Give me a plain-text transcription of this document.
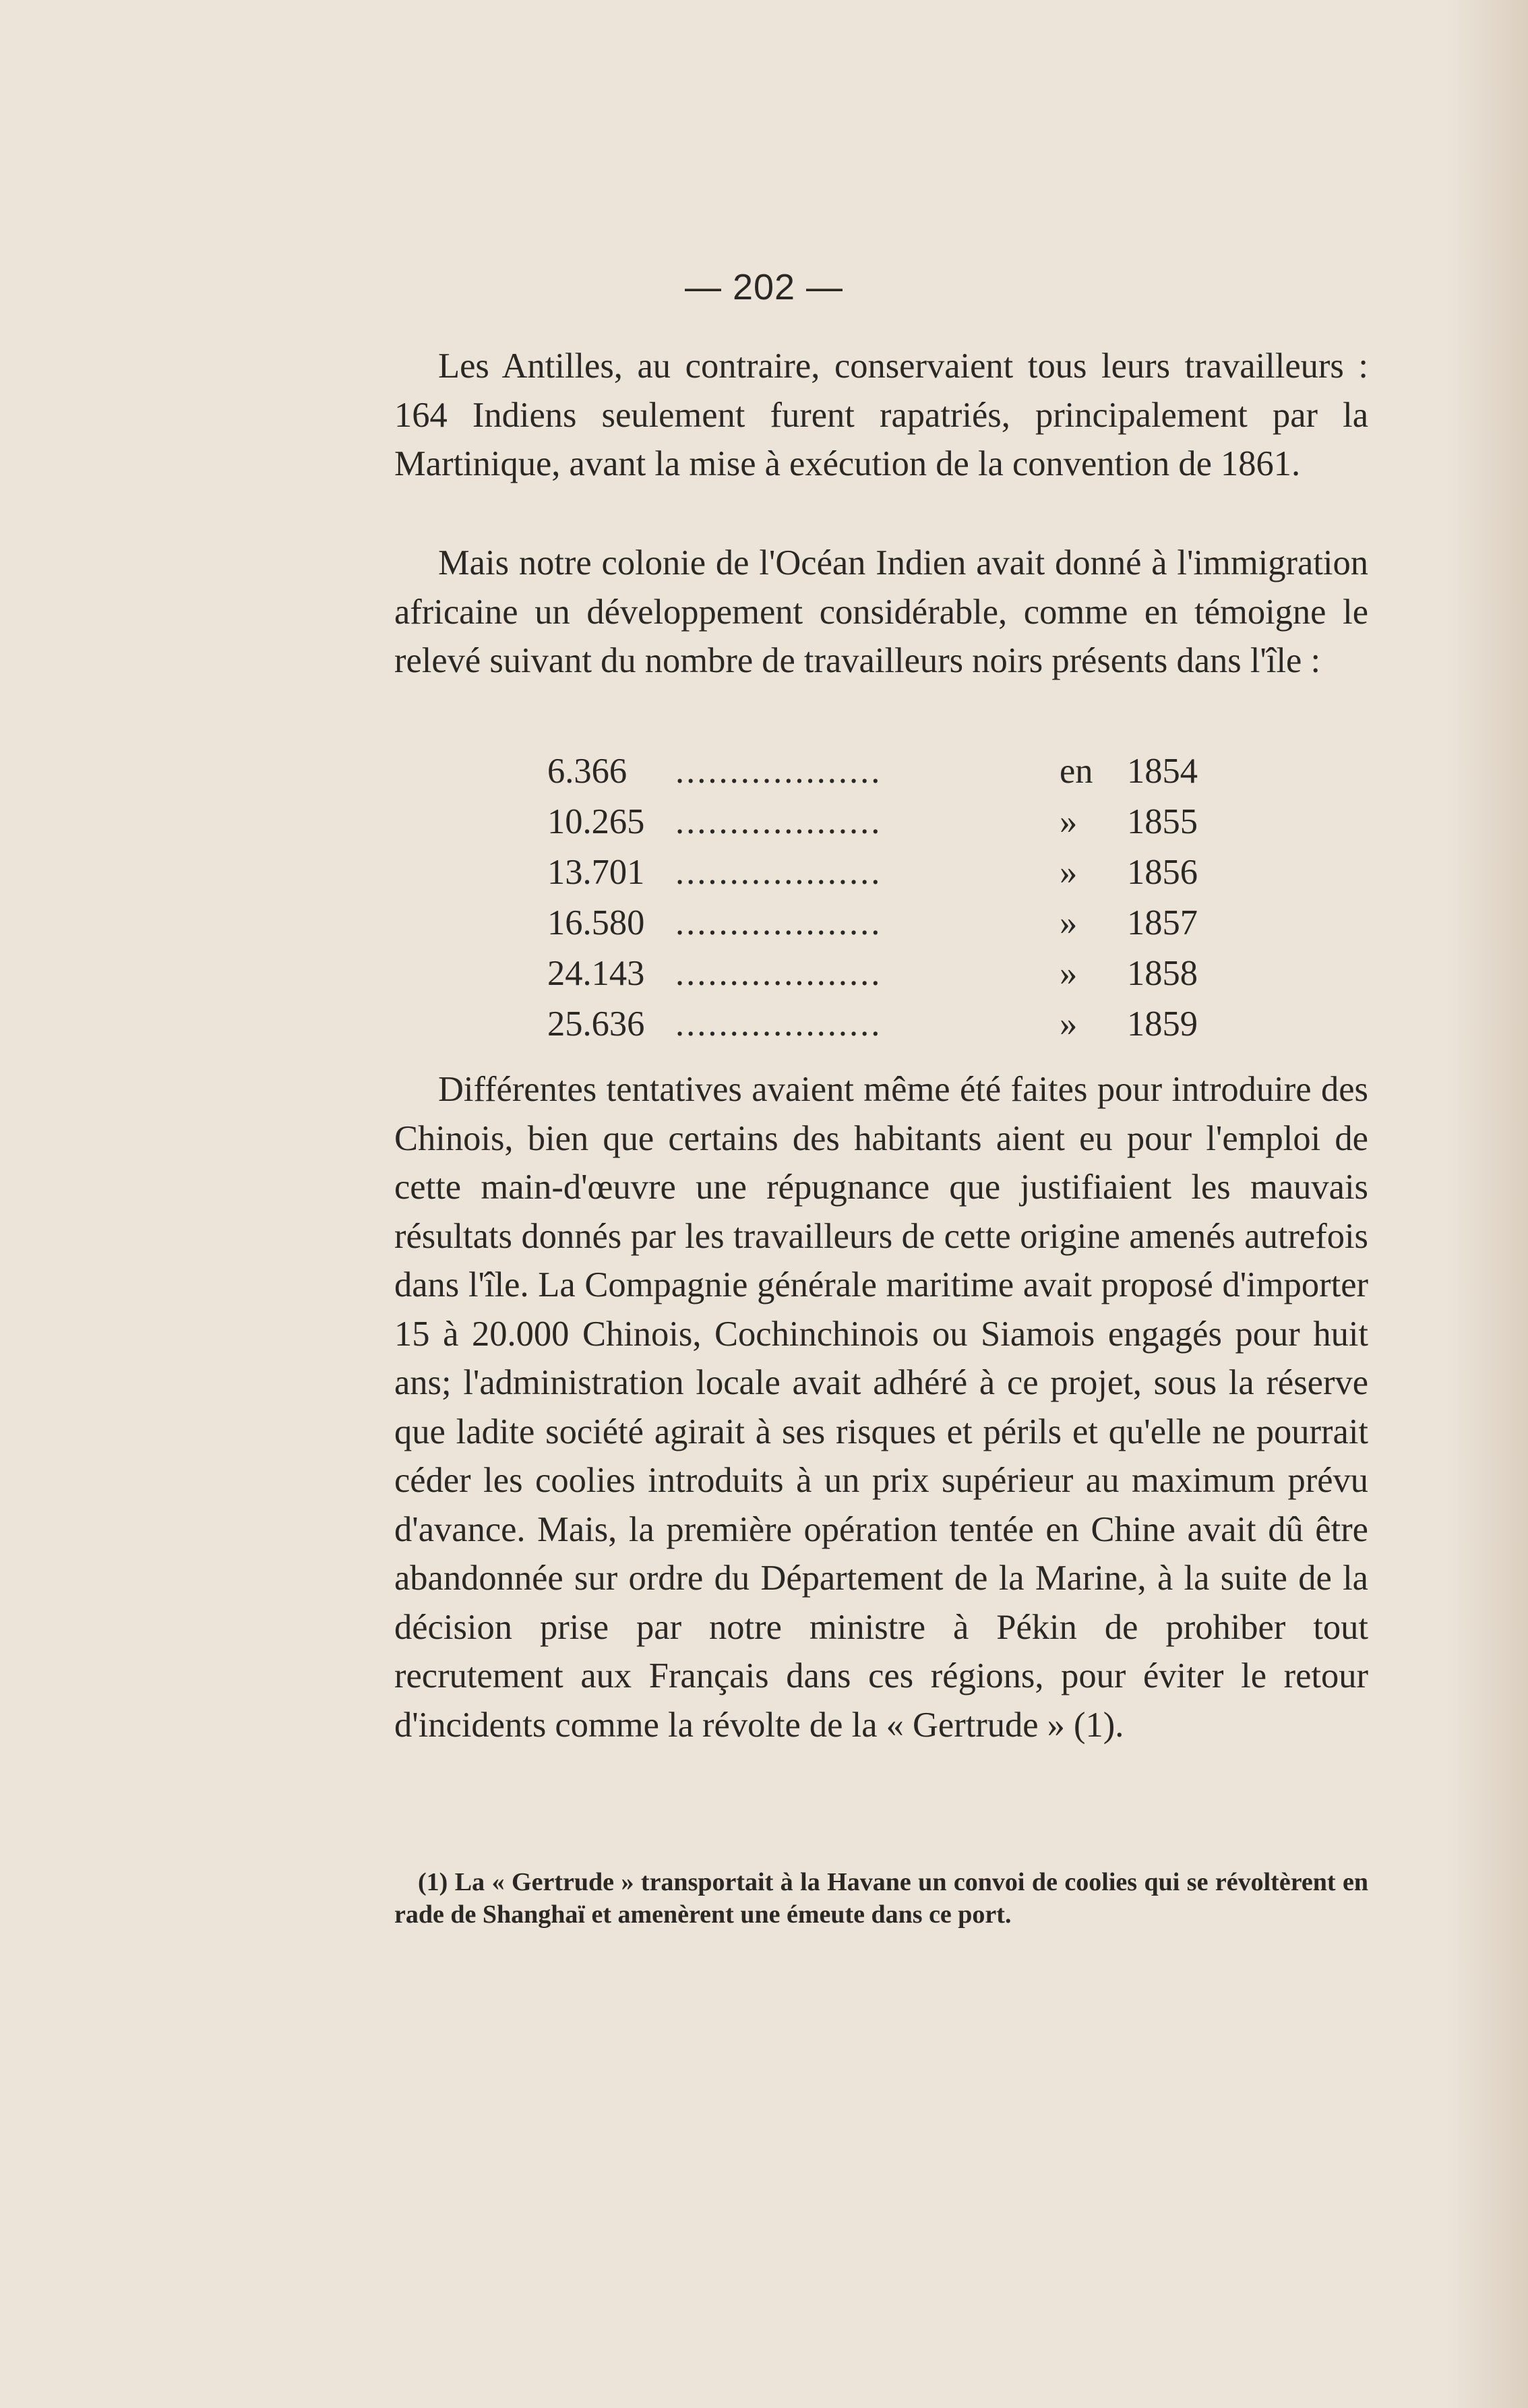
— 202 —

Les Antilles, au contraire, conservaient tous leurs travailleurs : 164 Indiens seulement furent rapatriés, principalement par la Martinique, avant la mise à exécution de la convention de 1861.

Mais notre colonie de l'Océan Indien avait donné à l'immigration africaine un développement considérable, comme en témoigne le relevé suivant du nombre de travailleurs noirs présents dans l'île :

6.366 ...................	en 1854
10.265 ...................	» 1855
13.701 ...................	» 1856
16.580 ...................	» 1857
24.143 ...................	» 1858
25.636 ...................	» 1859

Différentes tentatives avaient même été faites pour introduire des Chinois, bien que certains des habitants aient eu pour l'emploi de cette main-d'œuvre une répugnance que justifiaient les mauvais résultats donnés par les travailleurs de cette origine amenés autrefois dans l'île. La Compagnie générale maritime avait proposé d'importer 15 à 20.000 Chinois, Cochinchinois ou Siamois engagés pour huit ans; l'administration locale avait adhéré à ce projet, sous la réserve que ladite société agirait à ses risques et périls et qu'elle ne pourrait céder les coolies introduits à un prix supérieur au maximum prévu d'avance. Mais, la première opération tentée en Chine avait dû être abandonnée sur ordre du Département de la Marine, à la suite de la décision prise par notre ministre à Pékin de prohiber tout recrutement aux Français dans ces régions, pour éviter le retour d'incidents comme la révolte de la « Gertrude » (1).

(1) La « Gertrude » transportait à la Havane un convoi de coolies qui se révoltèrent en rade de Shanghaï et amenèrent une émeute dans ce port.
